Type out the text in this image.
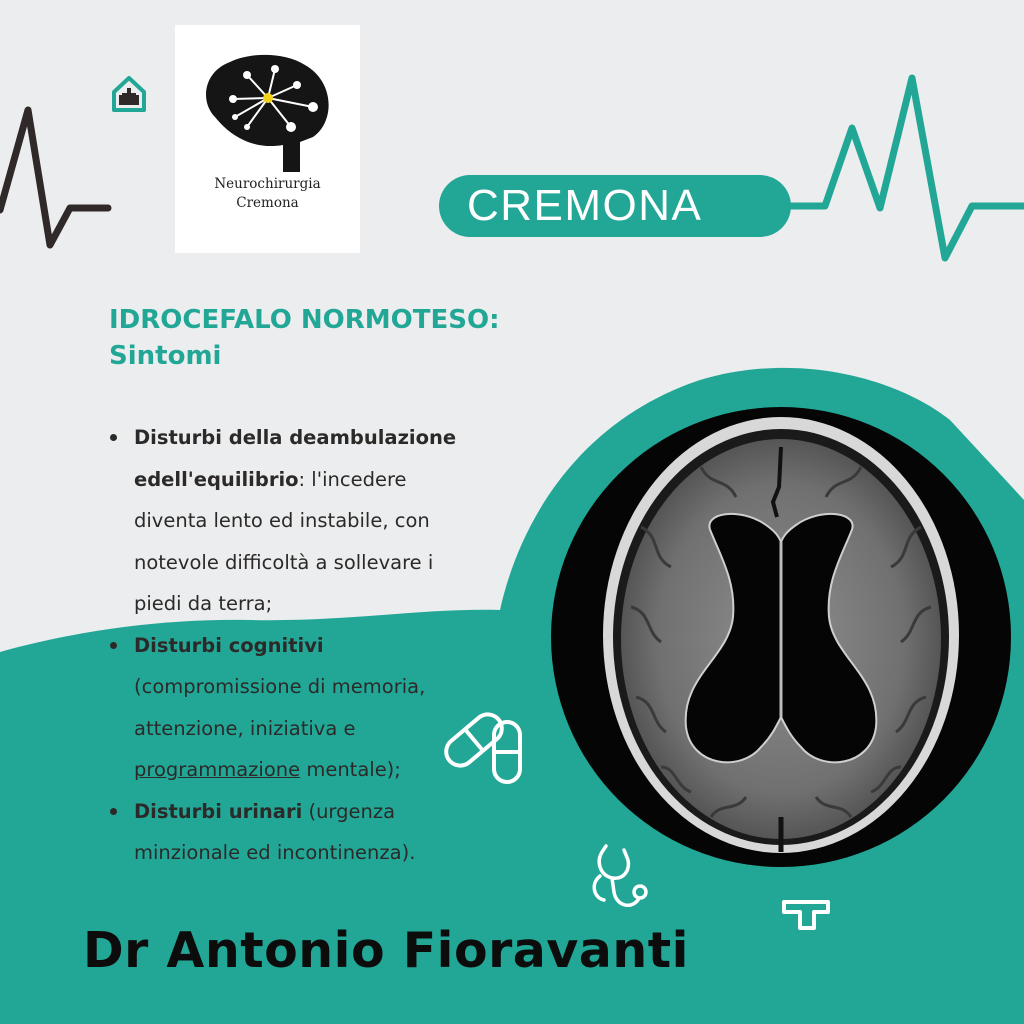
Neurochirurgia
Cremona	CREMONA
IDROCEFALO NORMOTESO:
Sintomi
Disturbi della deambulazione edell'equilibrio: l'incedere diventa lento ed instabile, con notevole difficoltà a sollevare i piedi da terra;
Disturbi cognitivi (compromissione di memoria, attenzione, iniziativa e programmazione mentale);
Disturbi urinari (urgenza minzionale ed incontinenza).
Dr Antonio Fioravanti
